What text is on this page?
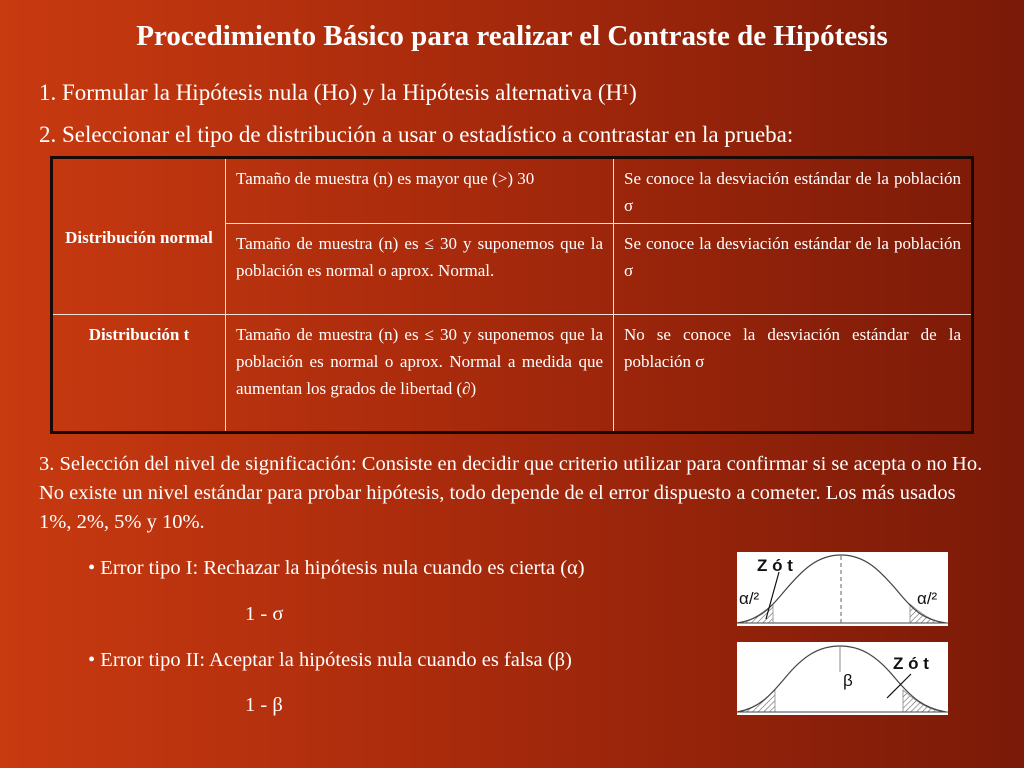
Procedimiento Básico para realizar el Contraste de Hipótesis
1. Formular la Hipótesis nula (Ho) y la Hipótesis alternativa (H¹)
2. Seleccionar el tipo de distribución a usar o estadístico a contrastar en la prueba:
Distribución normal	Tamaño de muestra (n) es mayor que (>) 30	Se conoce la desviación estándar de la población σ
	Tamaño de muestra (n) es ≤ 30 y suponemos que la población es normal o aprox. Normal.	Se conoce la desviación estándar de la población σ
Distribución t	Tamaño de muestra (n) es ≤ 30 y suponemos que la población es normal o aprox. Normal a medida que aumentan los grados de libertad (∂)	No se conoce la desviación estándar de la población σ
3. Selección del nivel de significación: Consiste en decidir que criterio utilizar para confirmar si se acepta o no Ho. No existe un nivel estándar para probar hipótesis, todo depende de el error dispuesto a cometer. Los más usados 1%, 2%, 5% y 10%.
• Error tipo I: Rechazar la hipótesis nula cuando es cierta (α)
1 - σ
• Error tipo II: Aceptar la hipótesis nula cuando es falsa (β)
1 - β
Z ó t
α/²	α/²
β
Z ó t
